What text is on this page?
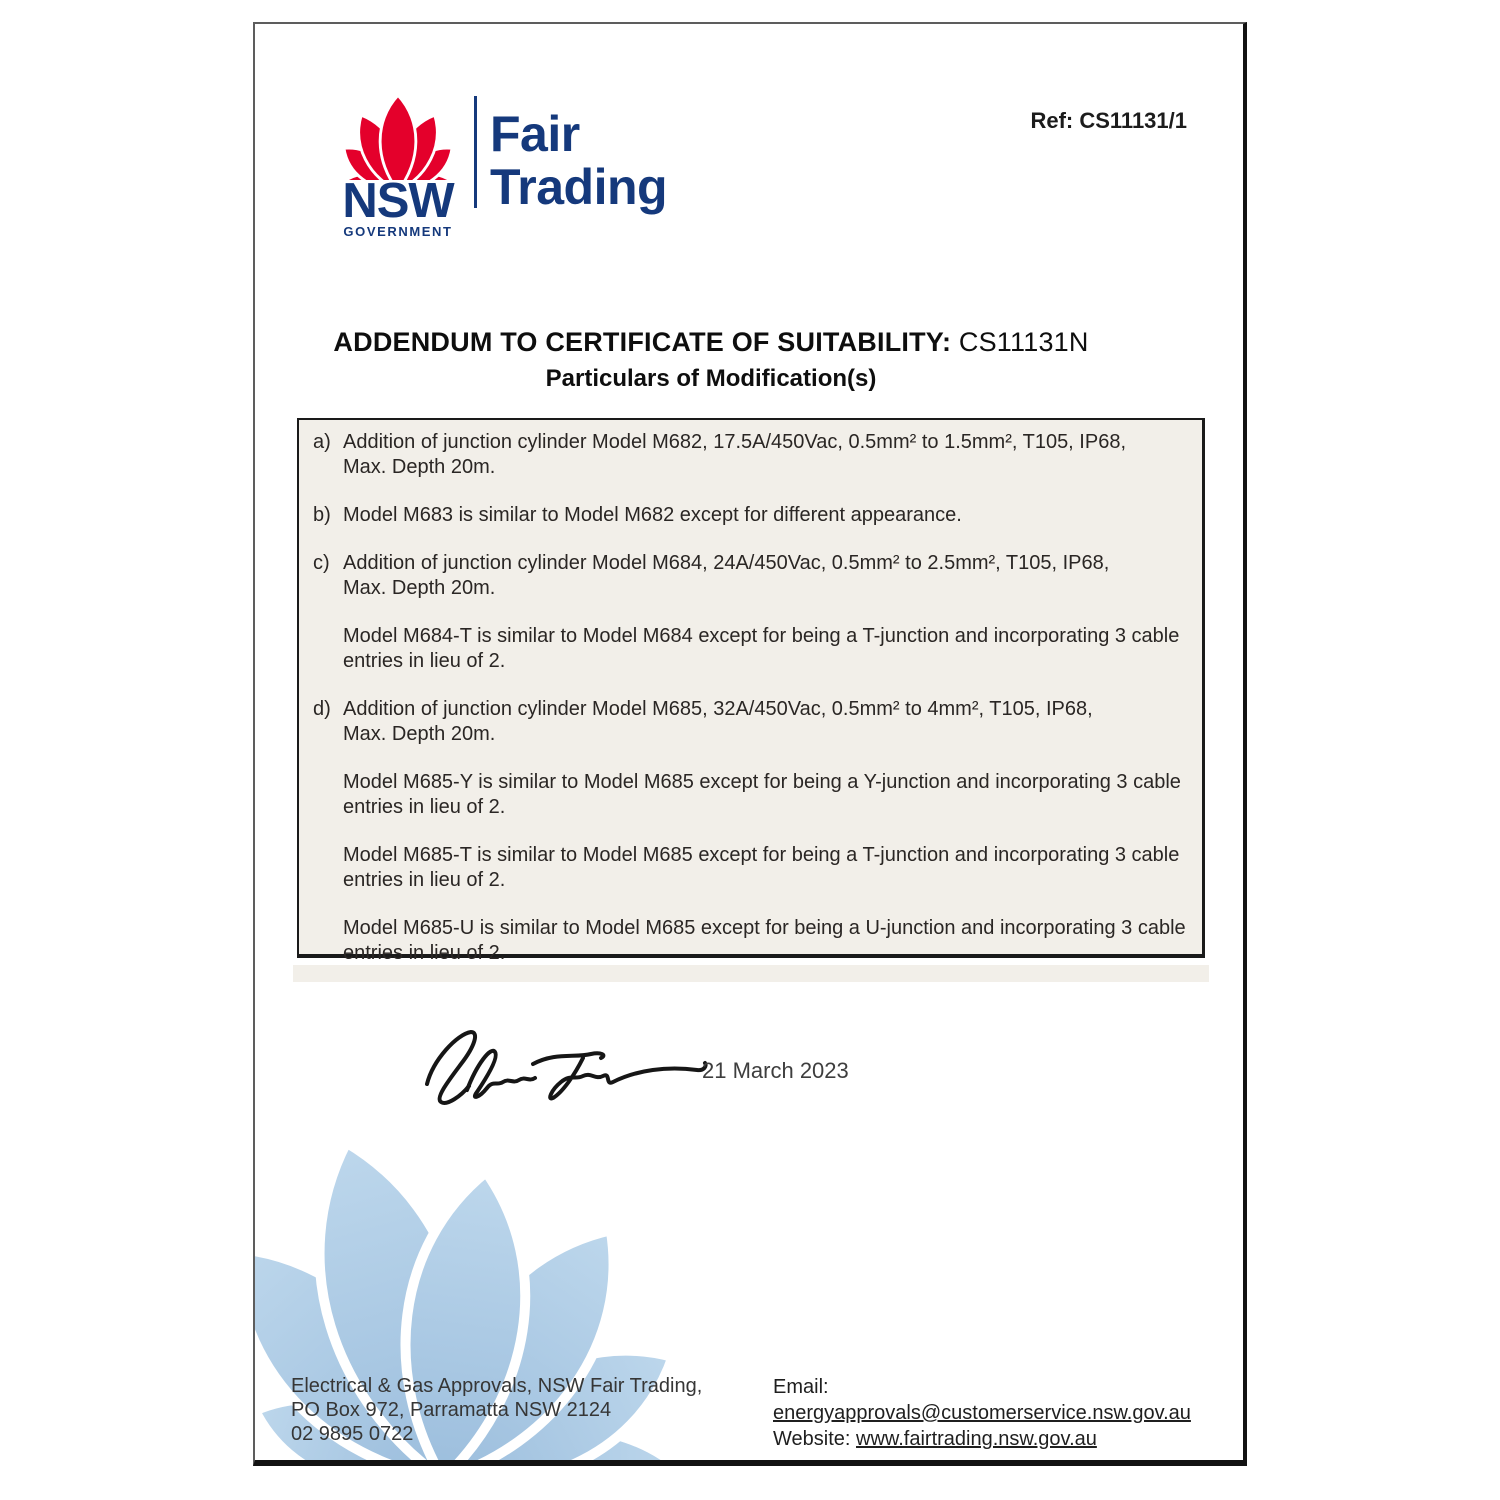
NSW
GOVERNMENT
Fair
Trading
Ref: CS11131/1
ADDENDUM TO CERTIFICATE OF SUITABILITY: CS11131N
Particulars of Modification(s)
a) Addition of junction cylinder Model M682, 17.5A/450Vac, 0.5mm² to 1.5mm², T105, IP68,
Max. Depth 20m.
b) Model M683 is similar to Model M682 except for different appearance.
c) Addition of junction cylinder Model M684, 24A/450Vac, 0.5mm² to 2.5mm², T105, IP68,
Max. Depth 20m.
Model M684-T is similar to Model M684 except for being a T-junction and incorporating 3 cable
entries in lieu of 2.
d) Addition of junction cylinder Model M685, 32A/450Vac, 0.5mm² to 4mm², T105, IP68,
Max. Depth 20m.
Model M685-Y is similar to Model M685 except for being a Y-junction and incorporating 3 cable
entries in lieu of 2.
Model M685-T is similar to Model M685 except for being a T-junction and incorporating 3 cable
entries in lieu of 2.
Model M685-U is similar to Model M685 except for being a U-junction and incorporating 3 cable
entries in lieu of 2.
21 March 2023
Electrical & Gas Approvals, NSW Fair Trading,
PO Box 972, Parramatta NSW 2124
02 9895 0722
Email: energyapprovals@customerservice.nsw.gov.au
Website: www.fairtrading.nsw.gov.au
